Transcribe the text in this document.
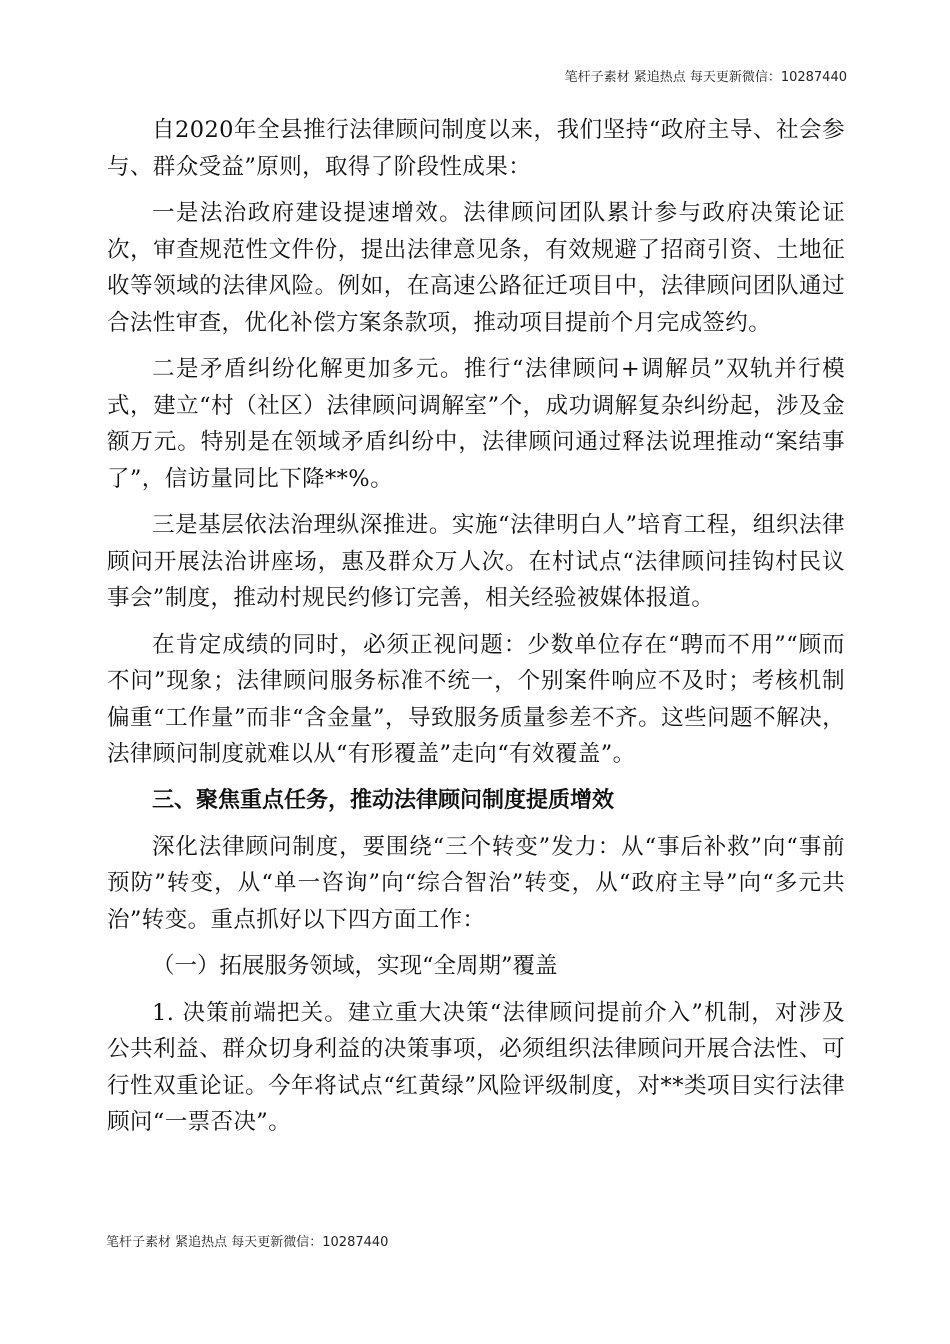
笔杆子素材 紧追热点 每天更新微信：10287440

自2020年全县推行法律顾问制度以来，我们坚持“政府主导、社会参与、群众受益”原则，取得了阶段性成果：

一是法治政府建设提速增效。法律顾问团队累计参与政府决策论证次，审查规范性文件份，提出法律意见条，有效规避了招商引资、土地征收等领域的法律风险。例如，在高速公路征迁项目中，法律顾问团队通过合法性审查，优化补偿方案条款项，推动项目提前个月完成签约。

二是矛盾纠纷化解更加多元。推行“法律顾问+调解员”双轨并行模式，建立“村（社区）法律顾问调解室”个，成功调解复杂纠纷起，涉及金额万元。特别是在领域矛盾纠纷中，法律顾问通过释法说理推动“案结事了”，信访量同比下降**%。

三是基层依法治理纵深推进。实施“法律明白人”培育工程，组织法律顾问开展法治讲座场，惠及群众万人次。在村试点“法律顾问挂钩村民议事会”制度，推动村规民约修订完善，相关经验被媒体报道。

在肯定成绩的同时，必须正视问题：少数单位存在“聘而不用”“顾而不问”现象；法律顾问服务标准不统一，个别案件响应不及时；考核机制偏重“工作量”而非“含金量”，导致服务质量参差不齐。这些问题不解决，法律顾问制度就难以从“有形覆盖”走向“有效覆盖”。

三、聚焦重点任务，推动法律顾问制度提质增效

深化法律顾问制度，要围绕“三个转变”发力：从“事后补救”向“事前预防”转变，从“单一咨询”向“综合智治”转变，从“政府主导”向“多元共治”转变。重点抓好以下四方面工作：

（一）拓展服务领域，实现“全周期”覆盖

1. 决策前端把关。建立重大决策“法律顾问提前介入”机制，对涉及公共利益、群众切身利益的决策事项，必须组织法律顾问开展合法性、可行性双重论证。今年将试点“红黄绿”风险评级制度，对**类项目实行法律顾问“一票否决”。

笔杆子素材 紧追热点 每天更新微信：10287440
